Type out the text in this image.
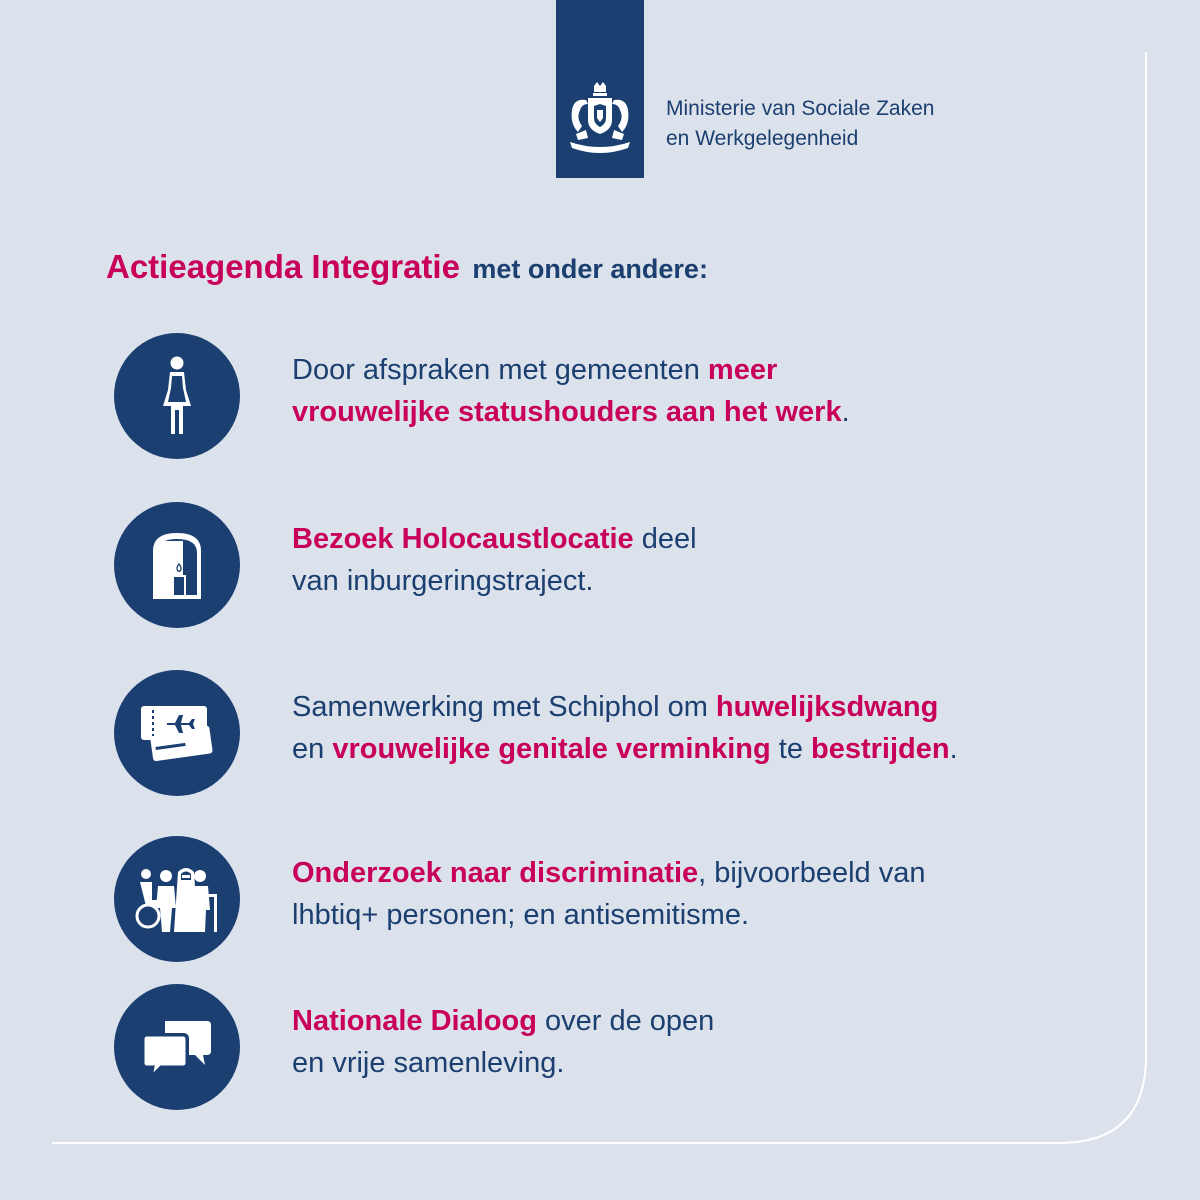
Ministerie van Sociale Zaken
en Werkgelegenheid
Actieagenda Integratie met onder andere:
Door afspraken met gemeenten meer
vrouwelijke statushouders aan het werk.
Bezoek Holocaustlocatie deel
van inburgeringstraject.
Samenwerking met Schiphol om huwelijksdwang
en vrouwelijke genitale verminking te bestrijden.
Onderzoek naar discriminatie, bijvoorbeeld van
lhbtiq+ personen; en antisemitisme.
Nationale Dialoog over de open
en vrije samenleving.
